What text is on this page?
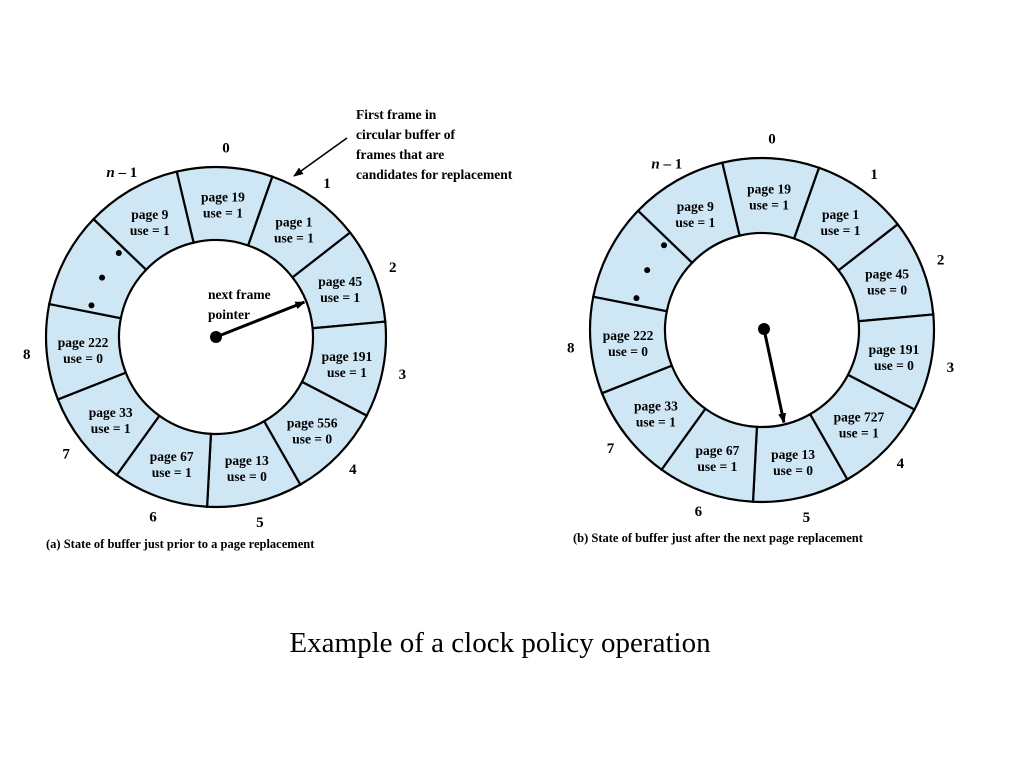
page 19
use = 1
0
page 1
use = 1
1
page 45
use = 1
2
page 191
use = 1 3
page 556
use = 0
4
page 13
use = 0
5
page 67
use = 1
6
page 33
use = 1
7
page 222
use = 0
8
page 9
use = 1
n – 1
page 19
use = 1
0
page 1
use = 1
1
page 45
use = 0
2
page 191
use = 0 3
page 727
use = 1
4
page 13
use = 0
5
page 67
use = 1
6
page 33
use = 1
7
page 222
use = 0
8
page 9
use = 1
n – 1
First frame in
circular buffer of
frames that are
candidates for replacement
next frame
pointer
(a) State of buffer just prior to a page replacement	(b) State of buffer just after the next page replacement
Example of a clock policy operation
